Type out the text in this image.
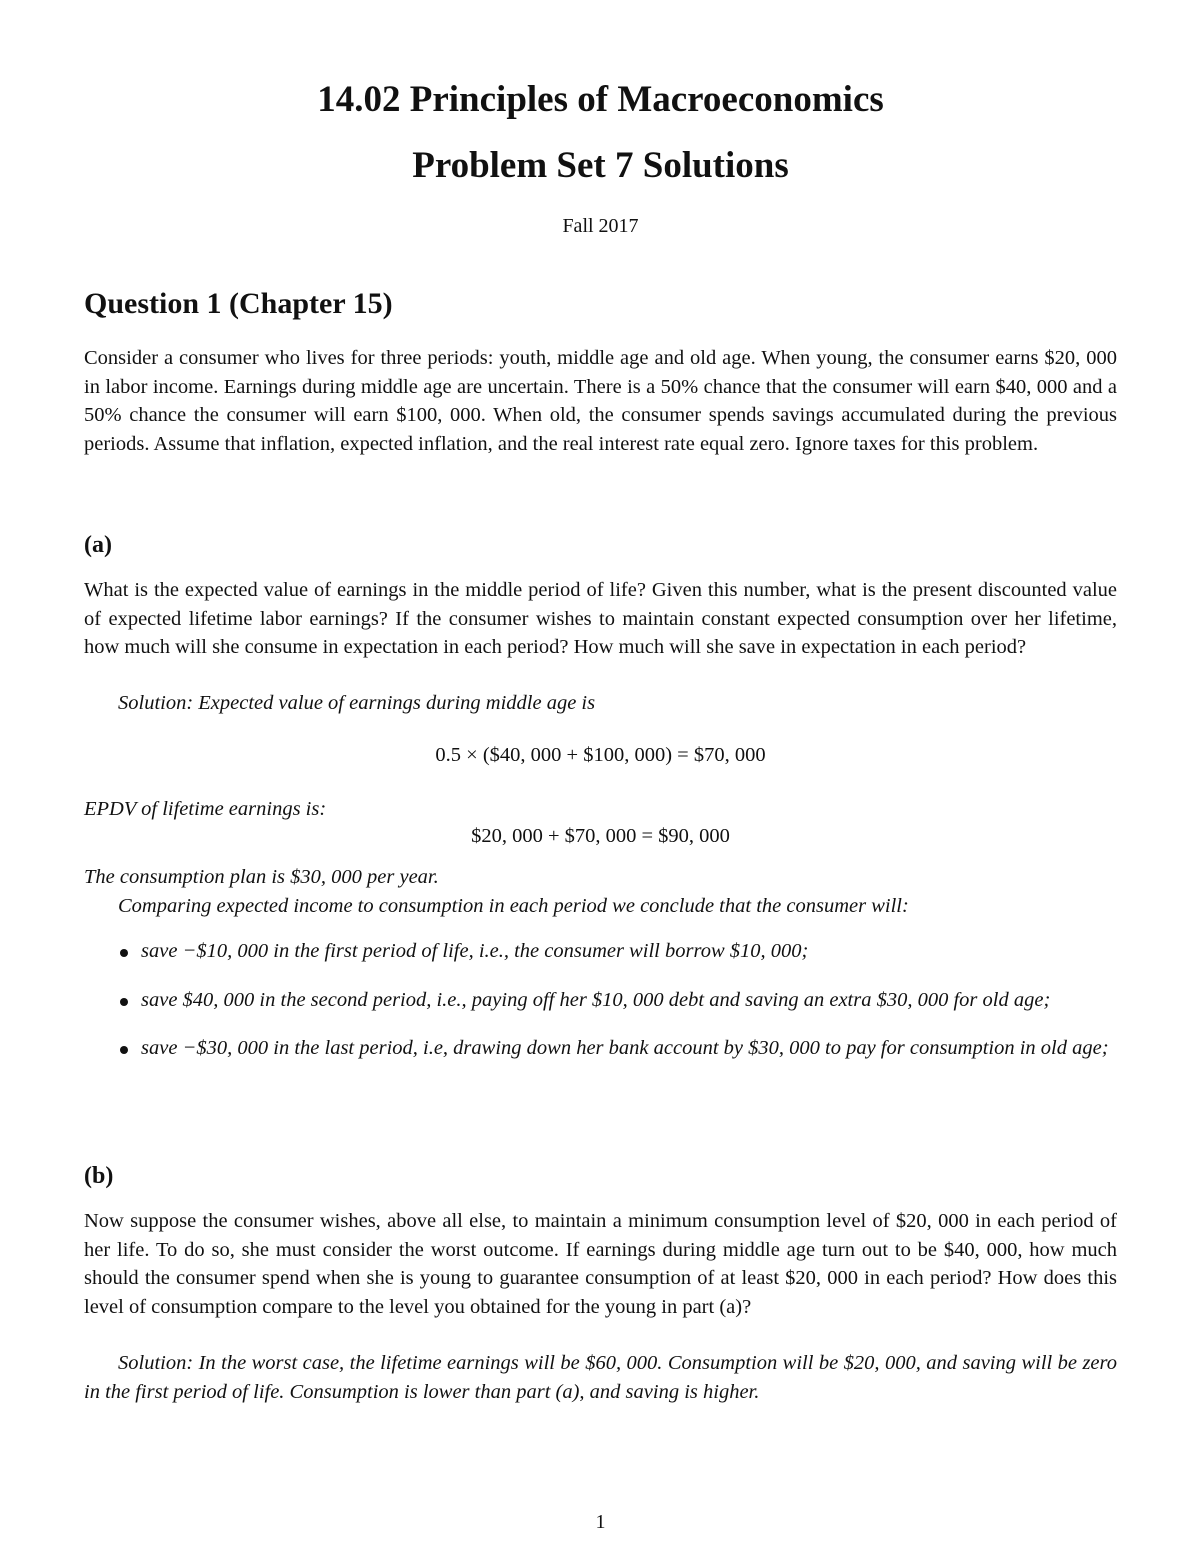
14.02 Principles of Macroeconomics
Problem Set 7 Solutions
Fall 2017
Question 1 (Chapter 15)
Consider a consumer who lives for three periods: youth, middle age and old age. When young, the consumer earns $20, 000 in labor income. Earnings during middle age are uncertain. There is a 50% chance that the consumer will earn $40, 000 and a 50% chance the consumer will earn $100, 000. When old, the consumer spends savings accumulated during the previous periods. Assume that inflation, expected inflation, and the real interest rate equal zero. Ignore taxes for this problem.
(a)
What is the expected value of earnings in the middle period of life? Given this number, what is the present discounted value of expected lifetime labor earnings? If the consumer wishes to maintain constant expected consumption over her lifetime, how much will she consume in expectation in each period? How much will she save in expectation in each period?
Solution: Expected value of earnings during middle age is
0.5 × ($40, 000 + $100, 000) = $70, 000
EPDV of lifetime earnings is:
$20, 000 + $70, 000 = $90, 000
The consumption plan is $30, 000 per year.
Comparing expected income to consumption in each period we conclude that the consumer will:
save −$10, 000 in the first period of life, i.e., the consumer will borrow $10, 000;
save $40, 000 in the second period, i.e., paying off her $10, 000 debt and saving an extra $30, 000 for old age;
save −$30, 000 in the last period, i.e, drawing down her bank account by $30, 000 to pay for consumption in old age;
(b)
Now suppose the consumer wishes, above all else, to maintain a minimum consumption level of $20, 000 in each period of her life. To do so, she must consider the worst outcome. If earnings during middle age turn out to be $40, 000, how much should the consumer spend when she is young to guarantee consumption of at least $20, 000 in each period? How does this level of consumption compare to the level you obtained for the young in part (a)?
Solution: In the worst case, the lifetime earnings will be $60, 000. Consumption will be $20, 000, and saving will be zero in the first period of life. Consumption is lower than part (a), and saving is higher.
1
